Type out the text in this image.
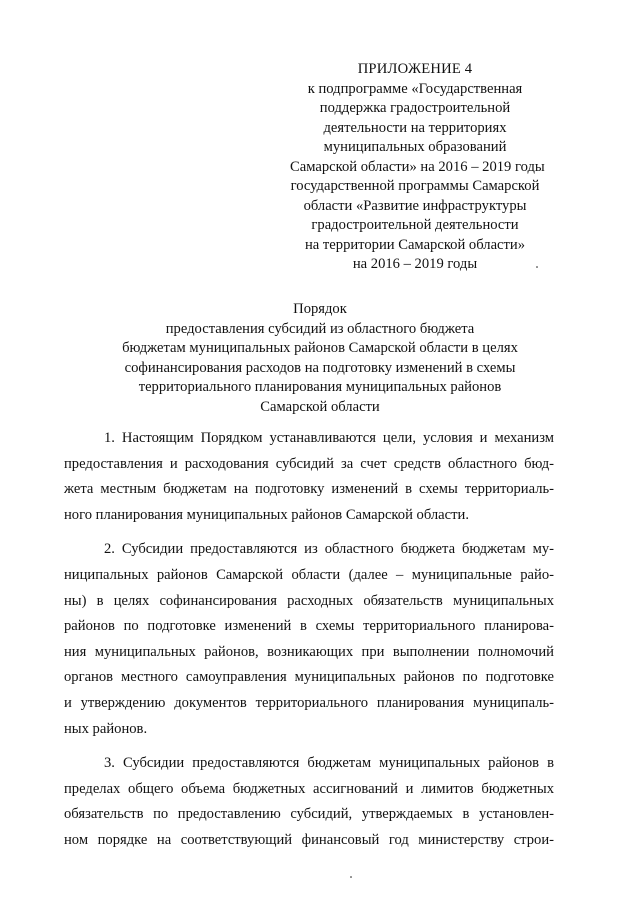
ПРИЛОЖЕНИЕ 4
к подпрограмме «Государственная
поддержка градостроительной
деятельности на территориях
муниципальных образований
Самарской области» на 2016 – 2019 годы
государственной программы Самарской
области «Развитие инфраструктуры
градостроительной деятельности
на территории Самарской области»
на 2016 – 2019 годы
Порядок
предоставления субсидий из областного бюджета
бюджетам муниципальных районов Самарской области в целях
софинансирования расходов на подготовку изменений в схемы
территориального планирования муниципальных районов
Самарской области
1. Настоящим Порядком устанавливаются цели, условия и механизм
предоставления и расходования субсидий за счет средств областного бюд-
жета местным бюджетам на подготовку изменений в схемы территориаль-
ного планирования муниципальных районов Самарской области.
2. Субсидии предоставляются из областного бюджета бюджетам му-
ниципальных районов Самарской области (далее – муниципальные райо-
ны) в целях софинансирования расходных обязательств муниципальных
районов по подготовке изменений в схемы территориального планирова-
ния муниципальных районов, возникающих при выполнении полномочий
органов местного самоуправления муниципальных районов по подготовке
и утверждению документов территориального планирования муниципаль-
ных районов.
3. Субсидии предоставляются бюджетам муниципальных районов в
пределах общего объема бюджетных ассигнований и лимитов бюджетных
обязательств по предоставлению субсидий, утверждаемых в установлен-
ном порядке на соответствующий финансовый год министерству строи-
